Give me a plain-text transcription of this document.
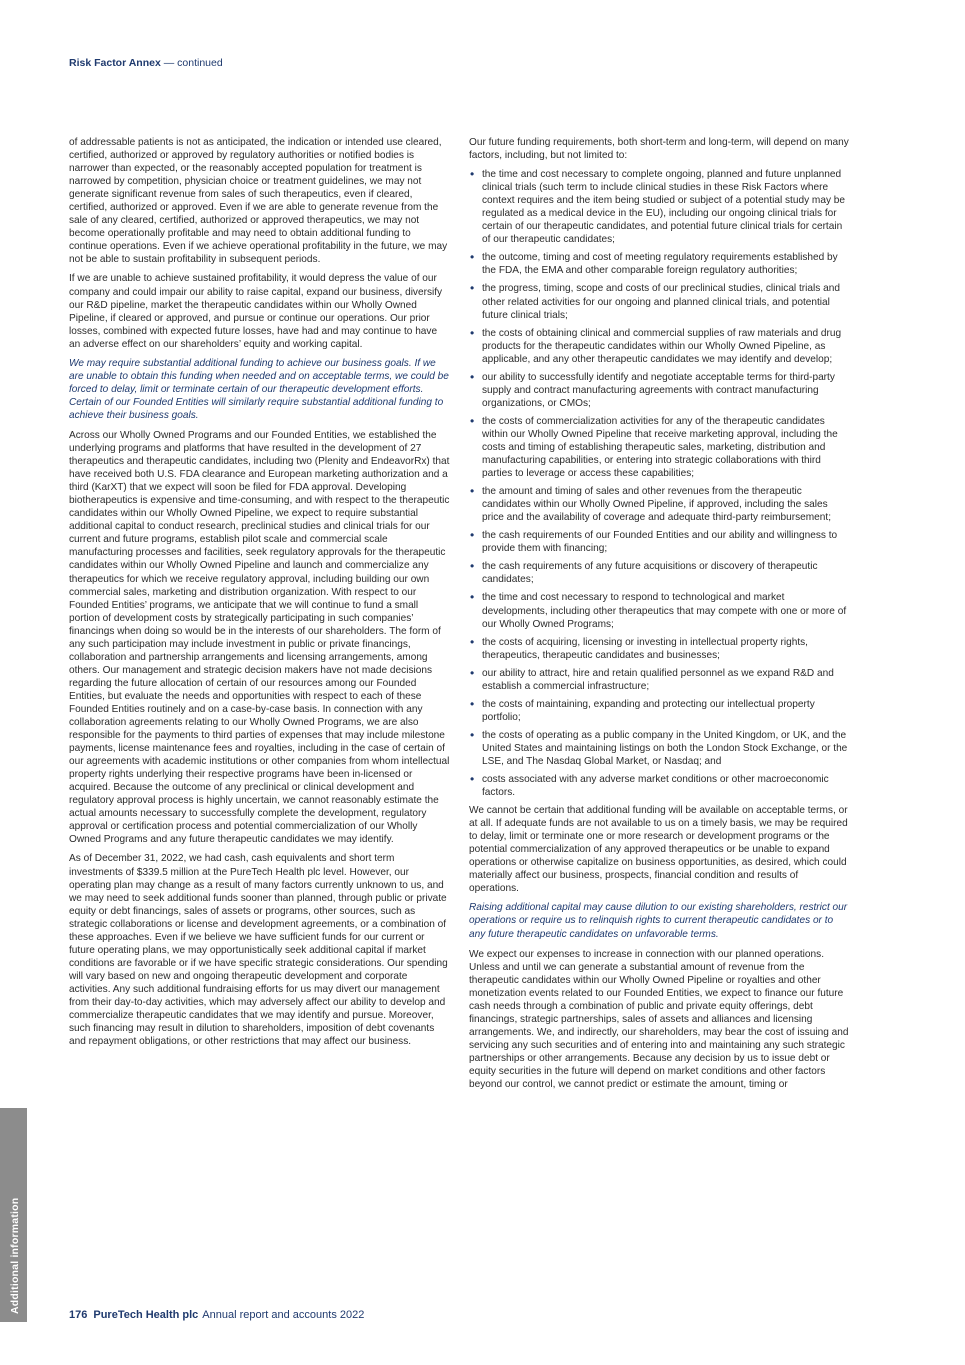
Risk Factor Annex — continued

of addressable patients is not as anticipated, the indication or intended use cleared, certified, authorized or approved by regulatory authorities or notified bodies is narrower than expected, or the reasonably accepted population for treatment is narrowed by competition, physician choice or treatment guidelines, we may not generate significant revenue from sales of such therapeutics, even if cleared, certified, authorized or approved. Even if we are able to generate revenue from the sale of any cleared, certified, authorized or approved therapeutics, we may not become operationally profitable and may need to obtain additional funding to continue operations. Even if we achieve operational profitability in the future, we may not be able to sustain profitability in subsequent periods.

If we are unable to achieve sustained profitability, it would depress the value of our company and could impair our ability to raise capital, expand our business, diversify our R&D pipeline, market the therapeutic candidates within our Wholly Owned Pipeline, if cleared or approved, and pursue or continue our operations. Our prior losses, combined with expected future losses, have had and may continue to have an adverse effect on our shareholders’ equity and working capital.

We may require substantial additional funding to achieve our business goals. If we are unable to obtain this funding when needed and on acceptable terms, we could be forced to delay, limit or terminate certain of our therapeutic development efforts. Certain of our Founded Entities will similarly require substantial additional funding to achieve their business goals.

Across our Wholly Owned Programs and our Founded Entities, we established the underlying programs and platforms that have resulted in the development of 27 therapeutics and therapeutic candidates, including two (Plenity and EndeavorRx) that have received both U.S. FDA clearance and European marketing authorization and a third (KarXT) that we expect will soon be filed for FDA approval. Developing biotherapeutics is expensive and time-consuming, and with respect to the therapeutic candidates within our Wholly Owned Pipeline, we expect to require substantial additional capital to conduct research, preclinical studies and clinical trials for our current and future programs, establish pilot scale and commercial scale manufacturing processes and facilities, seek regulatory approvals for the therapeutic candidates within our Wholly Owned Pipeline and launch and commercialize any therapeutics for which we receive regulatory approval, including building our own commercial sales, marketing and distribution organization. With respect to our Founded Entities’ programs, we anticipate that we will continue to fund a small portion of development costs by strategically participating in such companies’ financings when doing so would be in the interests of our shareholders. The form of any such participation may include investment in public or private financings, collaboration and partnership arrangements and licensing arrangements, among others. Our management and strategic decision makers have not made decisions regarding the future allocation of certain of our resources among our Founded Entities, but evaluate the needs and opportunities with respect to each of these Founded Entities routinely and on a case-by-case basis. In connection with any collaboration agreements relating to our Wholly Owned Programs, we are also responsible for the payments to third parties of expenses that may include milestone payments, license maintenance fees and royalties, including in the case of certain of our agreements with academic institutions or other companies from whom intellectual property rights underlying their respective programs have been in-licensed or acquired. Because the outcome of any preclinical or clinical development and regulatory approval process is highly uncertain, we cannot reasonably estimate the actual amounts necessary to successfully complete the development, regulatory approval or certification process and potential commercialization of our Wholly Owned Programs and any future therapeutic candidates we may identify.

As of December 31, 2022, we had cash, cash equivalents and short term investments of $339.5 million at the PureTech Health plc level. However, our operating plan may change as a result of many factors currently unknown to us, and we may need to seek additional funds sooner than planned, through public or private equity or debt financings, sales of assets or programs, other sources, such as strategic collaborations or license and development agreements, or a combination of these approaches. Even if we believe we have sufficient funds for our current or future operating plans, we may opportunistically seek additional capital if market conditions are favorable or if we have specific strategic considerations. Our spending will vary based on new and ongoing therapeutic development and corporate activities. Any such additional fundraising efforts for us may divert our management from their day-to-day activities, which may adversely affect our ability to develop and commercialize therapeutic candidates that we may identify and pursue. Moreover, such financing may result in dilution to shareholders, imposition of debt covenants and repayment obligations, or other restrictions that may affect our business.

Our future funding requirements, both short-term and long-term, will depend on many factors, including, but not limited to:

• the time and cost necessary to complete ongoing, planned and future unplanned clinical trials (such term to include clinical studies in these Risk Factors where context requires and the item being studied or subject of a potential study may be regulated as a medical device in the EU), including our ongoing clinical trials for certain of our therapeutic candidates, and potential future clinical trials for certain of our therapeutic candidates;
• the outcome, timing and cost of meeting regulatory requirements established by the FDA, the EMA and other comparable foreign regulatory authorities;
• the progress, timing, scope and costs of our preclinical studies, clinical trials and other related activities for our ongoing and planned clinical trials, and potential future clinical trials;
• the costs of obtaining clinical and commercial supplies of raw materials and drug products for the therapeutic candidates within our Wholly Owned Pipeline, as applicable, and any other therapeutic candidates we may identify and develop;
• our ability to successfully identify and negotiate acceptable terms for third-party supply and contract manufacturing agreements with contract manufacturing organizations, or CMOs;
• the costs of commercialization activities for any of the therapeutic candidates within our Wholly Owned Pipeline that receive marketing approval, including the costs and timing of establishing therapeutic sales, marketing, distribution and manufacturing capabilities, or entering into strategic collaborations with third parties to leverage or access these capabilities;
• the amount and timing of sales and other revenues from the therapeutic candidates within our Wholly Owned Pipeline, if approved, including the sales price and the availability of coverage and adequate third-party reimbursement;
• the cash requirements of our Founded Entities and our ability and willingness to provide them with financing;
• the cash requirements of any future acquisitions or discovery of therapeutic candidates;
• the time and cost necessary to respond to technological and market developments, including other therapeutics that may compete with one or more of our Wholly Owned Programs;
• the costs of acquiring, licensing or investing in intellectual property rights, therapeutics, therapeutic candidates and businesses;
• our ability to attract, hire and retain qualified personnel as we expand R&D and establish a commercial infrastructure;
• the costs of maintaining, expanding and protecting our intellectual property portfolio;
• the costs of operating as a public company in the United Kingdom, or UK, and the United States and maintaining listings on both the London Stock Exchange, or the LSE, and The Nasdaq Global Market, or Nasdaq; and
• costs associated with any adverse market conditions or other macroeconomic factors.

We cannot be certain that additional funding will be available on acceptable terms, or at all. If adequate funds are not available to us on a timely basis, we may be required to delay, limit or terminate one or more research or development programs or the potential commercialization of any approved therapeutics or be unable to expand operations or otherwise capitalize on business opportunities, as desired, which could materially affect our business, prospects, financial condition and results of operations.

Raising additional capital may cause dilution to our existing shareholders, restrict our operations or require us to relinquish rights to current therapeutic candidates or to any future therapeutic candidates on unfavorable terms.

We expect our expenses to increase in connection with our planned operations. Unless and until we can generate a substantial amount of revenue from the therapeutic candidates within our Wholly Owned Pipeline or royalties and other monetization events related to our Founded Entities, we expect to finance our future cash needs through a combination of public and private equity offerings, debt financings, strategic partnerships, sales of assets and alliances and licensing arrangements. We, and indirectly, our shareholders, may bear the cost of issuing and servicing any such securities and of entering into and maintaining any such strategic partnerships or other arrangements. Because any decision by us to issue debt or equity securities in the future will depend on market conditions and other factors beyond our control, we cannot predict or estimate the amount, timing or

Additional information
176 PureTech Health plc Annual report and accounts 2022
